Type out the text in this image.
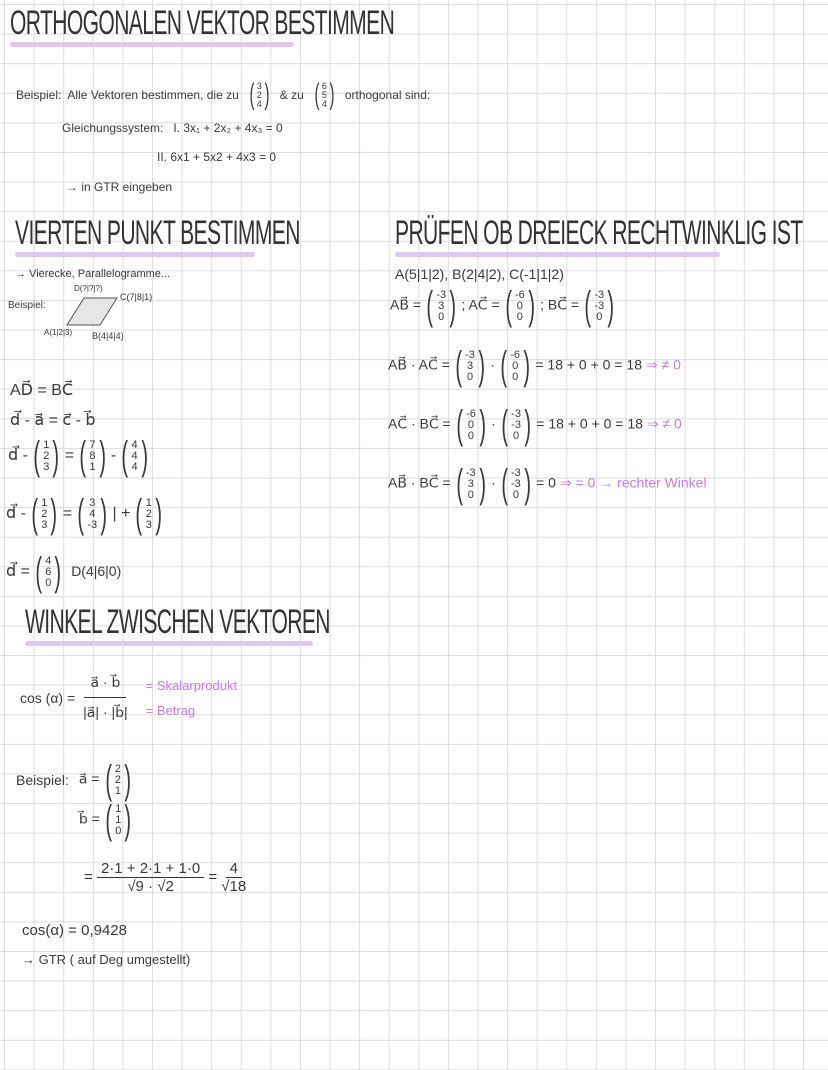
ORTHOGONALEN VEKTOR BESTIMMEN
Beispiel: Alle Vektoren bestimmen, die zu ( 3
2
4 ) & zu ( 6
5
4 ) orthogonal sind:
Gleichungssystem: I. 3x₁ + 2x₂ + 4x₃ = 0
II. 6x1 + 5x2 + 4x3 = 0
→ in GTR eingeben
VIERTEN PUNKT BESTIMMEN
→ Vierecke, Parallelogramme...
Beispiel:
D(?|?|?)
C(7|8|1)
A(1|2|3) B(4|4|4)
AD⃗ = BC⃗
d⃗ - a⃗ = c⃗ - b⃗
d⃗ - ( 1
2
3 ) = ( 7
8
1 ) - ( 4
4
4 )
d⃗ - ( 1
2
3 ) = ( 3
4
-3 ) | + ( 1
2
3 )
d⃗ = ( 4
6
0 ) D(4|6|0)
PRÜFEN OB DREIECK RECHTWINKLIG IST
A(5|1|2), B(2|4|2), C(-1|1|2)
AB⃗ = ( -3
3
0 ) ; AC⃗ = ( -6
0
0 ) ; BC⃗ = ( -3
-3
0 )
AB⃗ · AC⃗ = ( -3
3
0 ) · ( -6
0
0 ) = 18 + 0 + 0 = 18 ⇒ ≠ 0
AC⃗ · BC⃗ = ( -6
0
0 ) · ( -3
-3
0 ) = 18 + 0 + 0 = 18 ⇒ ≠ 0
AB⃗ · BC⃗ = ( -3
3
0 ) · ( -3
-3
0 ) = 0 ⇒ = 0 → rechter Winkel
WINKEL ZWISCHEN VEKTOREN
$\cos (\alpha) = \frac{a⃗ \cdot b⃗}{|a⃗| \cdot |b⃗|}$ = Skalarprodukt
= Betrag
Beispiel: a⃗ = ( 2
2
1 )
b⃗ = ( 1
1
0 )
= $\frac{2\cdot 1 + 2\cdot 1 + 1\cdot 0}{√9 \cdot √2} = \frac{4}{√18}$
cos(α) = 0,9428
→ GTR ( auf Deg umgestellt)
